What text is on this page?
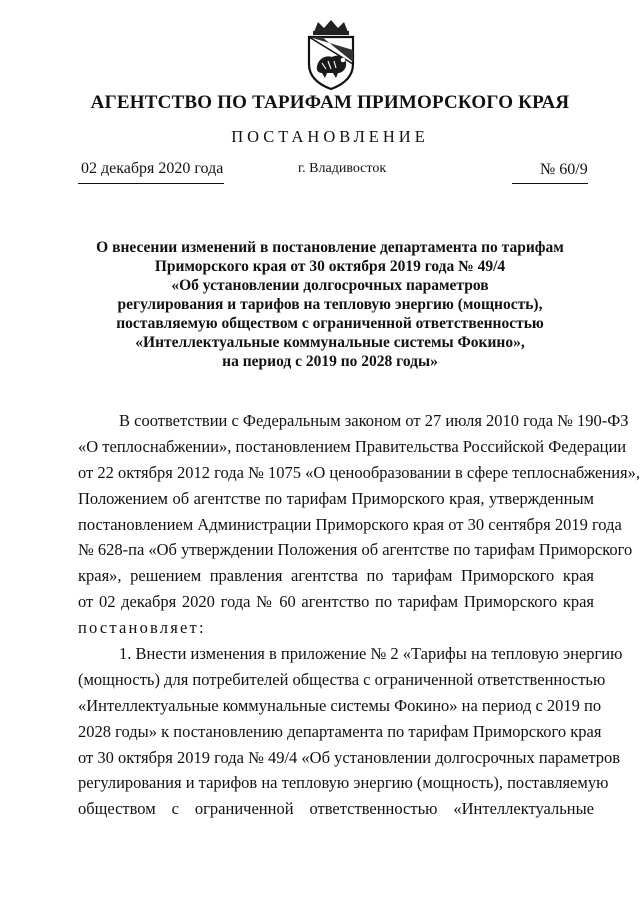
АГЕНТСТВО ПО ТАРИФАМ ПРИМОРСКОГО КРАЯ
ПОСТАНОВЛЕНИЕ
02 декабря 2020 года	г. Владивосток	№ 60/9
О внесении изменений в постановление департамента по тарифам
Приморского края от 30 октября 2019 года № 49/4
«Об установлении долгосрочных параметров
регулирования и тарифов на тепловую энергию (мощность),
поставляемую обществом с ограниченной ответственностью
«Интеллектуальные коммунальные системы Фокино»,
на период с 2019 по 2028 годы»
В соответствии с Федеральным законом от 27 июля 2010 года № 190-ФЗ
«О теплоснабжении», постановлением Правительства Российской Федерации
от 22 октября 2012 года № 1075 «О ценообразовании в сфере теплоснабжения»,
Положением об агентстве по тарифам Приморского края, утвержденным
постановлением Администрации Приморского края от 30 сентября 2019 года
№ 628-па «Об утверждении Положения об агентстве по тарифам Приморского
края», решением правления агентства по тарифам Приморского края
от 02 декабря 2020 года № 60 агентство по тарифам Приморского края
постановляет:
1. Внести изменения в приложение № 2 «Тарифы на тепловую энергию
(мощность) для потребителей общества с ограниченной ответственностью
«Интеллектуальные коммунальные системы Фокино» на период с 2019 по
2028 годы» к постановлению департамента по тарифам Приморского края
от 30 октября 2019 года № 49/4 «Об установлении долгосрочных параметров
регулирования и тарифов на тепловую энергию (мощность), поставляемую
обществом с ограниченной ответственностью «Интеллектуальные
